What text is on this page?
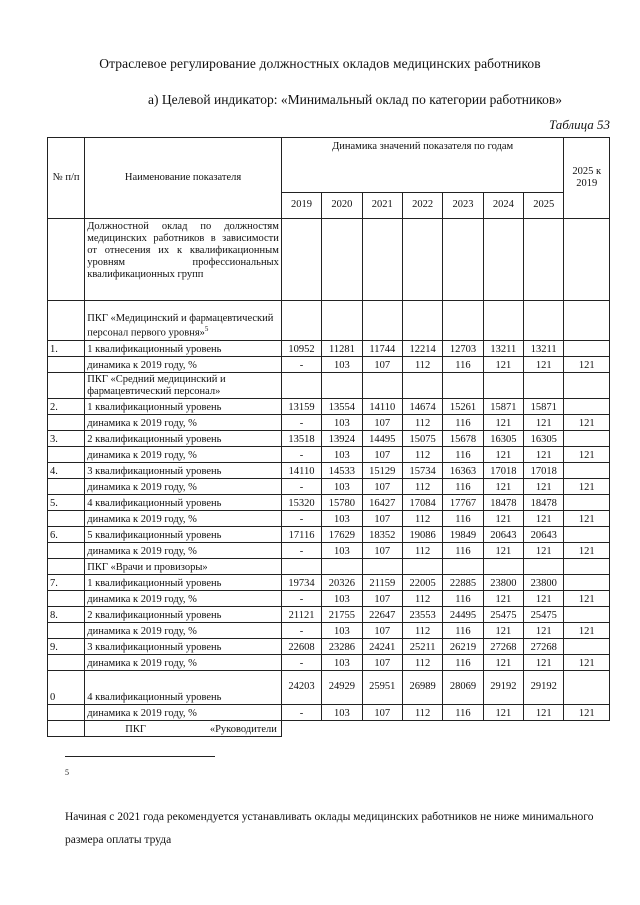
Отраслевое регулирование должностных окладов медицинских работников
а) Целевой индикатор: «Минимальный оклад по категории работников»
Таблица 53
№ п/п	Наименование показателя	Динамика значений показателя по годам							2025 к 2019
		2019	2020	2021	2022	2023	2024	2025	
	Должностной оклад по должностям медицинских работников в зависимости от отнесения их к квалификационным уровням профессиональных квалификационных групп								
	ПКГ «Медицинский и фармацевтический персонал первого уровня»$^5$								
1.	1 квалификационный уровень	10952	11281	11744	12214	12703	13211	13211	
	динамика к 2019 году, %	-	103	107	112	116	121	121	121
	ПКГ «Средний медицинский и фармацевтический персонал»								
2.	1 квалификационный уровень	13159	13554	14110	14674	15261	15871	15871	
	динамика к 2019 году, %	-	103	107	112	116	121	121	121
3.	2 квалификационный уровень	13518	13924	14495	15075	15678	16305	16305	
	динамика к 2019 году, %	-	103	107	112	116	121	121	121
4.	3 квалификационный уровень	14110	14533	15129	15734	16363	17018	17018	
	динамика к 2019 году, %	-	103	107	112	116	121	121	121
5.	4 квалификационный уровень	15320	15780	16427	17084	17767	18478	18478	
	динамика к 2019 году, %	-	103	107	112	116	121	121	121
6.	5 квалификационный уровень	17116	17629	18352	19086	19849	20643	20643	
	динамика к 2019 году, %	-	103	107	112	116	121	121	121
	ПКГ «Врачи и провизоры»								
7.	1 квалификационный уровень	19734	20326	21159	22005	22885	23800	23800	
	динамика к 2019 году, %	-	103	107	112	116	121	121	121
8.	2 квалификационный уровень	21121	21755	22647	23553	24495	25475	25475	
	динамика к 2019 году, %	-	103	107	112	116	121	121	121
9.	3 квалификационный уровень	22608	23286	24241	25211	26219	27268	27268	
	динамика к 2019 году, %	-	103	107	112	116	121	121	121
0	4 квалификационный уровень	24203	24929	25951	26989	28069	29192	29192	
	динамика к 2019 году, %	-	103	107	112	116	121	121	121
	ПКГ «Руководители								
5
Начиная с 2021 года рекомендуется устанавливать оклады медицинских работников не ниже минимального размера оплаты труда
